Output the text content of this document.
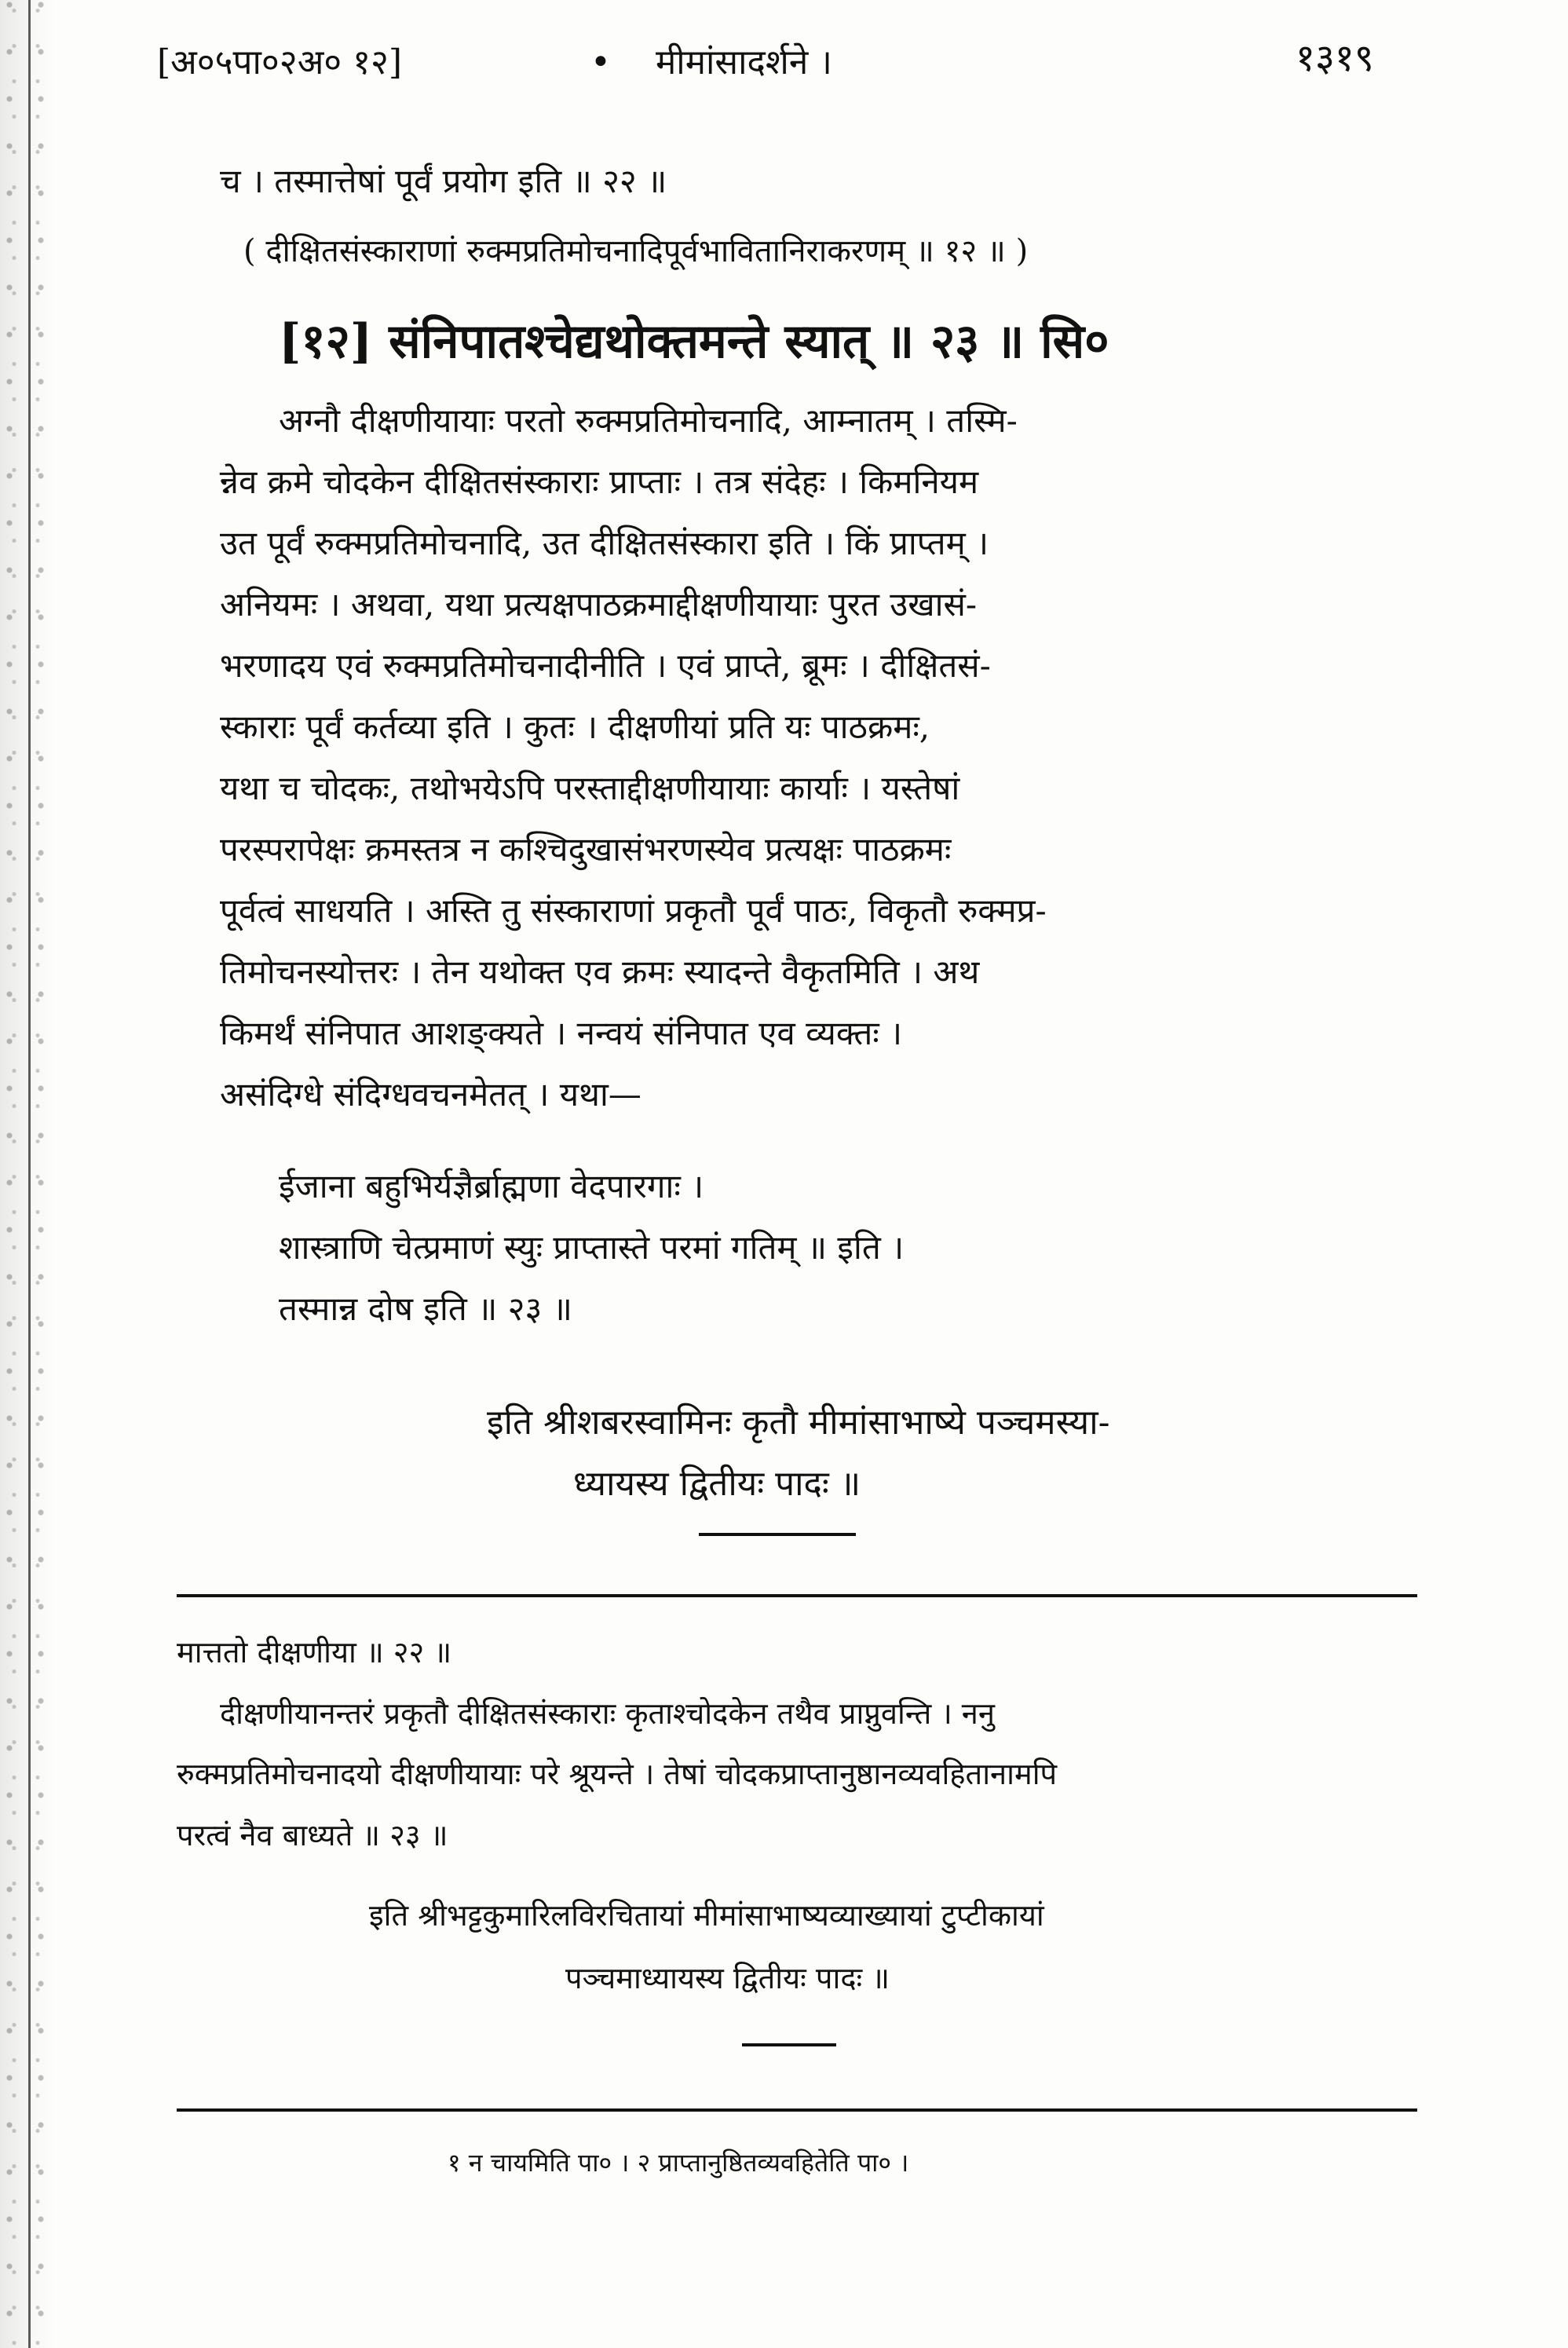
[अ०५पा०२अ० १२]	• मीमांसादर्शने ।	१३१९
च । तस्मात्तेषां पूर्वं प्रयोग इति ॥ २२ ॥
( दीक्षितसंस्काराणां रुक्मप्रतिमोचनादिपूर्वभावितानिराकरणम् ॥ १२ ॥ )
[१२] संनिपातश्चेद्यथोक्तमन्ते स्यात् ॥ २३ ॥ सि०
अग्नौ दीक्षणीयायाः परतो रुक्मप्रतिमोचनादि, आम्नातम् । तस्मि-
न्नेव क्रमे चोदकेन दीक्षितसंस्काराः प्राप्ताः । तत्र संदेहः । किमनियम
उत पूर्वं रुक्मप्रतिमोचनादि, उत दीक्षितसंस्कारा इति । किं प्राप्तम् ।
अनियमः । अथवा, यथा प्रत्यक्षपाठक्रमाद्दीक्षणीयायाः पुरत उखासं-
भरणादय एवं रुक्मप्रतिमोचनादीनीति । एवं प्राप्ते, ब्रूमः । दीक्षितसं-
स्काराः पूर्वं कर्तव्या इति । कुतः । दीक्षणीयां प्रति यः पाठक्रमः,
यथा च चोदकः, तथोभयेऽपि परस्ताद्दीक्षणीयायाः कार्याः । यस्तेषां
परस्परापेक्षः क्रमस्तत्र न कश्चिदुखासंभरणस्येव प्रत्यक्षः पाठक्रमः
पूर्वत्वं साधयति । अस्ति तु संस्काराणां प्रकृतौ पूर्वं पाठः, विकृतौ रुक्मप्र-
तिमोचनस्योत्तरः । तेन यथोक्त एव क्रमः स्यादन्ते वैकृतमिति । अथ
किमर्थं संनिपात आशङ्क्यते । नन्वयं संनिपात एव व्यक्तः ।
असंदिग्धे संदिग्धवचनमेतत् । यथा—
ईजाना बहुभिर्यज्ञैर्ब्राह्मणा वेदपारगाः ।
शास्त्राणि चेत्प्रमाणं स्युः प्राप्तास्ते परमां गतिम् ॥ इति ।
तस्मान्न दोष इति ॥ २३ ॥
इति श्रीशबरस्वामिनः कृतौ मीमांसाभाष्ये पञ्चमस्या-
ध्यायस्य द्वितीयः पादः ॥
मात्ततो दीक्षणीया ॥ २२ ॥
दीक्षणीयानन्तरं प्रकृतौ दीक्षितसंस्काराः कृताश्चोदकेन तथैव प्राप्नुवन्ति । ननु
रुक्मप्रतिमोचनादयो दीक्षणीयायाः परे श्रूयन्ते । तेषां चोदकप्राप्तानुष्ठानव्यवहितानामपि
परत्वं नैव बाध्यते ॥ २३ ॥
इति श्रीभट्टकुमारिलविरचितायां मीमांसाभाष्यव्याख्यायां टुप्टीकायां
पञ्चमाध्यायस्य द्वितीयः पादः ॥
१ न चायमिति पा० । २ प्राप्तानुष्ठितव्यवहितेति पा० ।
